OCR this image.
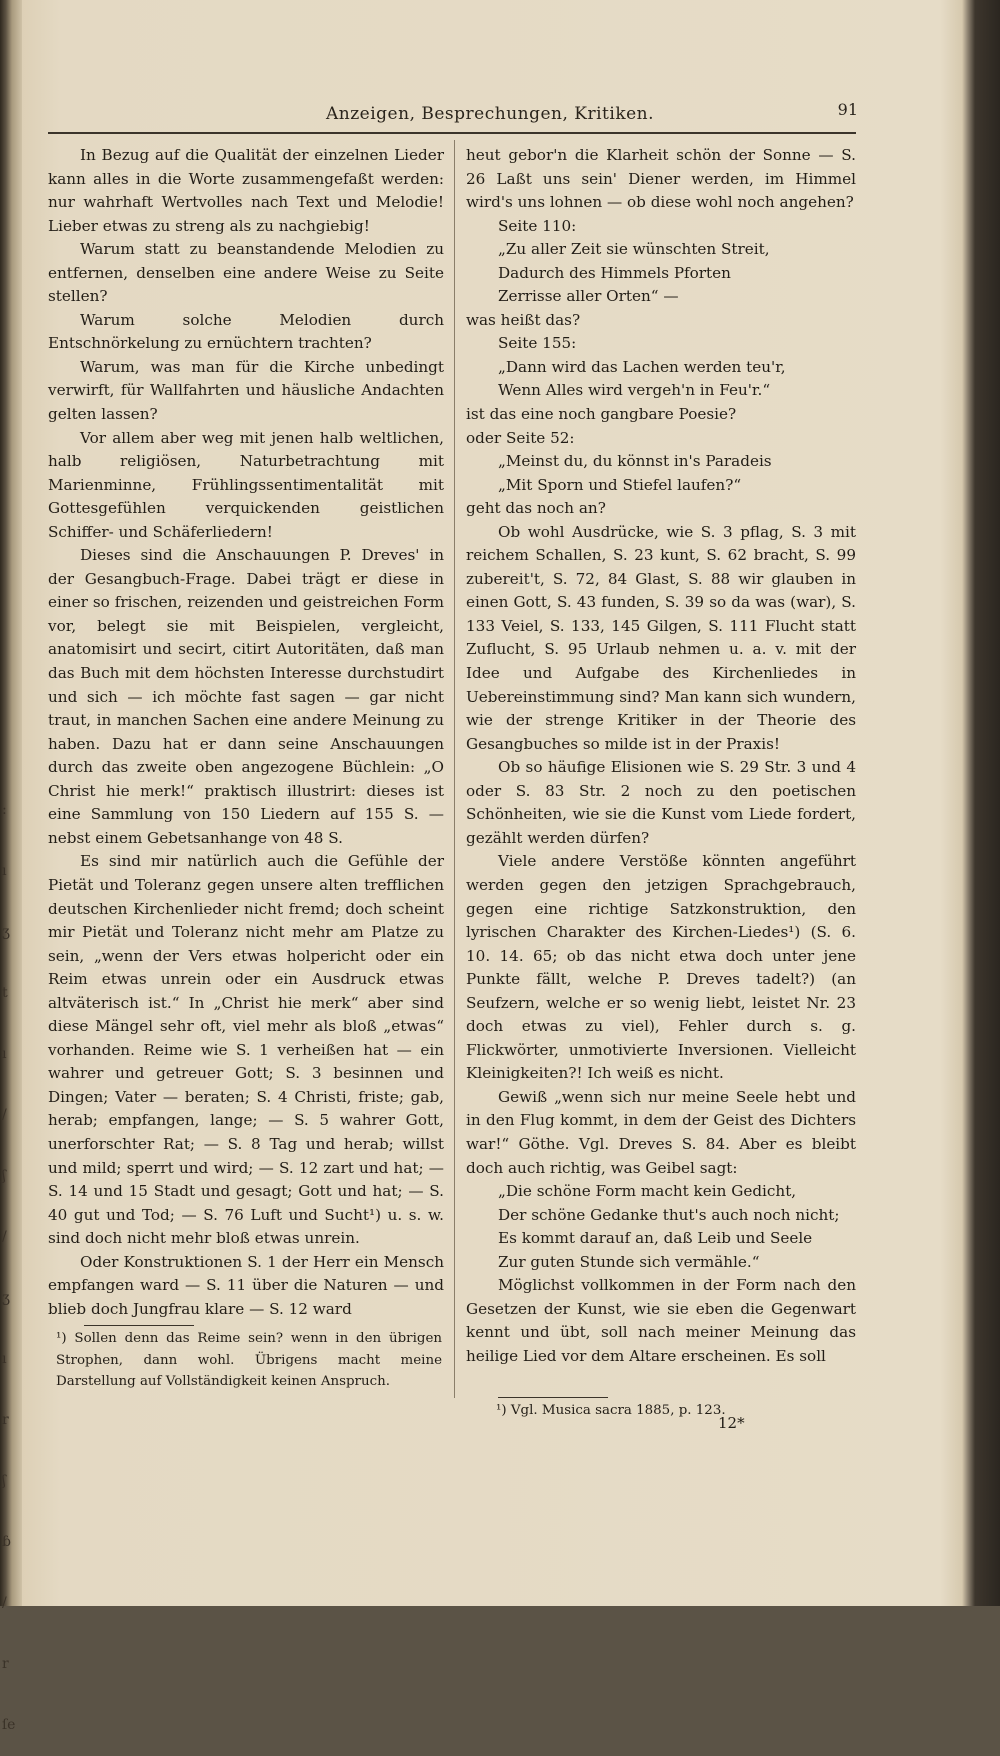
:
ı
ʒ
t
ı
/
ʃ
/
ʒ
ı
r
ʃ
ɓ
/
r
ſe
Anzeigen, Besprechungen, Kritiken.	91

In Bezug auf die Qualität der einzelnen Lieder kann alles in die Worte zusammengefaßt werden: nur wahrhaft Wertvolles nach Text und Melodie! Lieber etwas zu streng als zu nachgiebig!

Warum statt zu beanstandende Melodien zu entfernen, denselben eine andere Weise zu Seite stellen?

Warum solche Melodien durch Entschnörkelung zu ernüchtern trachten?

Warum, was man für die Kirche unbedingt verwirft, für Wallfahrten und häusliche Andachten gelten lassen?

Vor allem aber weg mit jenen halb weltlichen, halb religiösen, Naturbetrachtung mit Marienminne, Frühlingssentimentalität mit Gottesgefühlen verquickenden geistlichen Schiffer- und Schäferliedern!

Dieses sind die Anschauungen P. Dreves' in der Gesangbuch-Frage. Dabei trägt er diese in einer so frischen, reizenden und geistreichen Form vor, belegt sie mit Beispielen, vergleicht, anatomisirt und secirt, citirt Autoritäten, daß man das Buch mit dem höchsten Interesse durchstudirt und sich — ich möchte fast sagen — gar nicht traut, in manchen Sachen eine andere Meinung zu haben. Dazu hat er dann seine Anschauungen durch das zweite oben angezogene Büchlein: „O Christ hie merk!“ praktisch illustrirt: dieses ist eine Sammlung von 150 Liedern auf 155 S. — nebst einem Gebetsanhange von 48 S.

Es sind mir natürlich auch die Gefühle der Pietät und Toleranz gegen unsere alten trefflichen deutschen Kirchenlieder nicht fremd; doch scheint mir Pietät und Toleranz nicht mehr am Platze zu sein, „wenn der Vers etwas holpericht oder ein Reim etwas unrein oder ein Ausdruck etwas altväterisch ist.“ In „Christ hie merk“ aber sind diese Mängel sehr oft, viel mehr als bloß „etwas“ vorhanden. Reime wie S. 1 verheißen hat — ein wahrer und getreuer Gott; S. 3 besinnen und Dingen; Vater — beraten; S. 4 Christi, friste; gab, herab; empfangen, lange; — S. 5 wahrer Gott, unerforschter Rat; — S. 8 Tag und herab; willst und mild; sperrt und wird; — S. 12 zart und hat; — S. 14 und 15 Stadt und gesagt; Gott und hat; — S. 40 gut und Tod; — S. 76 Luft und Sucht¹) u. s. w. sind doch nicht mehr bloß etwas unrein.

Oder Konstruktionen S. 1 der Herr ein Mensch empfangen ward — S. 11 über die Naturen — und blieb doch Jungfrau klare — S. 12 ward

¹) Sollen denn das Reime sein? wenn in den übrigen Strophen, dann wohl. Übrigens macht meine Darstellung auf Vollständigkeit keinen Anspruch.

heut gebor'n die Klarheit schön der Sonne — S. 26 Laßt uns sein' Diener werden, im Himmel wird's uns lohnen — ob diese wohl noch angehen?

Seite 110:

„Zu aller Zeit sie wünschten Streit,

Dadurch des Himmels Pforten

Zerrisse aller Orten“ —

was heißt das?

Seite 155:

„Dann wird das Lachen werden teu'r,

Wenn Alles wird vergeh'n in Feu'r.“

ist das eine noch gangbare Poesie?

oder Seite 52:

„Meinst du, du könnst in's Paradeis

„Mit Sporn und Stiefel laufen?“

geht das noch an?

Ob wohl Ausdrücke, wie S. 3 pflag, S. 3 mit reichem Schallen, S. 23 kunt, S. 62 bracht, S. 99 zubereit't, S. 72, 84 Glast, S. 88 wir glauben in einen Gott, S. 43 funden, S. 39 so da was (war), S. 133 Veiel, S. 133, 145 Gilgen, S. 111 Flucht statt Zuflucht, S. 95 Urlaub nehmen u. a. v. mit der Idee und Aufgabe des Kirchenliedes in Uebereinstimmung sind? Man kann sich wundern, wie der strenge Kritiker in der Theorie des Gesangbuches so milde ist in der Praxis!

Ob so häufige Elisionen wie S. 29 Str. 3 und 4 oder S. 83 Str. 2 noch zu den poetischen Schönheiten, wie sie die Kunst vom Liede fordert, gezählt werden dürfen?

Viele andere Verstöße könnten angeführt werden gegen den jetzigen Sprachgebrauch, gegen eine richtige Satzkonstruktion, den lyrischen Charakter des Kirchen-Liedes¹) (S. 6. 10. 14. 65; ob das nicht etwa doch unter jene Punkte fällt, welche P. Dreves tadelt?) (an Seufzern, welche er so wenig liebt, leistet Nr. 23 doch etwas zu viel), Fehler durch s. g. Flickwörter, unmotivierte Inversionen. Vielleicht Kleinigkeiten?! Ich weiß es nicht.

Gewiß „wenn sich nur meine Seele hebt und in den Flug kommt, in dem der Geist des Dichters war!“ Göthe. Vgl. Dreves S. 84. Aber es bleibt doch auch richtig, was Geibel sagt:

„Die schöne Form macht kein Gedicht,

Der schöne Gedanke thut's auch noch nicht;

Es kommt darauf an, daß Leib und Seele

Zur guten Stunde sich vermähle.“

Möglichst vollkommen in der Form nach den Gesetzen der Kunst, wie sie eben die Gegenwart kennt und übt, soll nach meiner Meinung das heilige Lied vor dem Altare erscheinen. Es soll

¹) Vgl. Musica sacra 1885, p. 123.
12*
